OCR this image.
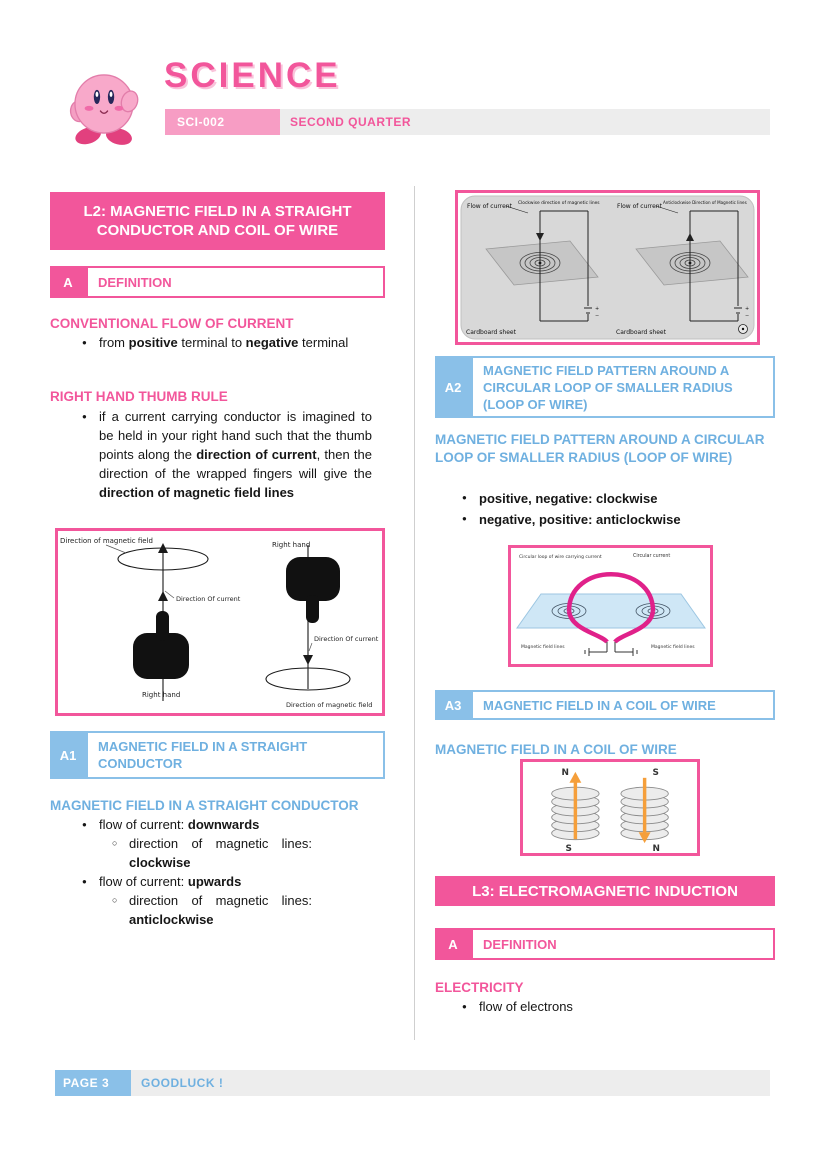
SCIENCE
SCI-002	SECOND QUARTER
L2: MAGNETIC FIELD IN A STRAIGHT CONDUCTOR AND COIL OF WIRE
A	DEFINITION
CONVENTIONAL FLOW OF CURRENT
● from positive terminal to negative terminal
RIGHT HAND THUMB RULE
● if a current carrying conductor is imagined to be held in your right hand such that the thumb points along the direction of current, then the direction of the wrapped fingers will give the direction of magnetic field lines
Direction of magnetic field	Right hand
Direction Of current
Direction Of current
Right hand
Direction of magnetic field
A1
MAGNETIC FIELD IN A STRAIGHT CONDUCTOR
MAGNETIC FIELD IN A STRAIGHT CONDUCTOR
● flow of current: downwards
○ direction of magnetic lines: clockwise
● flow of current: upwards
○ direction of magnetic lines: anticlockwise
Flow of current Clockwise direction of magnetic lines	Flow of current
Anticlockwise Direction of Magnetic lines
Cardboard sheet	Cardboard sheet
+
−
+
−
A2
MAGNETIC FIELD PATTERN AROUND A CIRCULAR LOOP OF SMALLER RADIUS (LOOP OF WIRE)
MAGNETIC FIELD PATTERN AROUND A CIRCULAR LOOP OF SMALLER RADIUS (LOOP OF WIRE)
● positive, negative: clockwise
● negative, positive: anticlockwise
Circular loop of wire carrying current	Circular current
Magnetic field lines	Magnetic field lines
A3	MAGNETIC FIELD IN A COIL OF WIRE
MAGNETIC FIELD IN A COIL OF WIRE
N
S
S
N
L3: ELECTROMAGNETIC INDUCTION
A	DEFINITION
ELECTRICITY
● flow of electrons
PAGE 3	GOODLUCK !
